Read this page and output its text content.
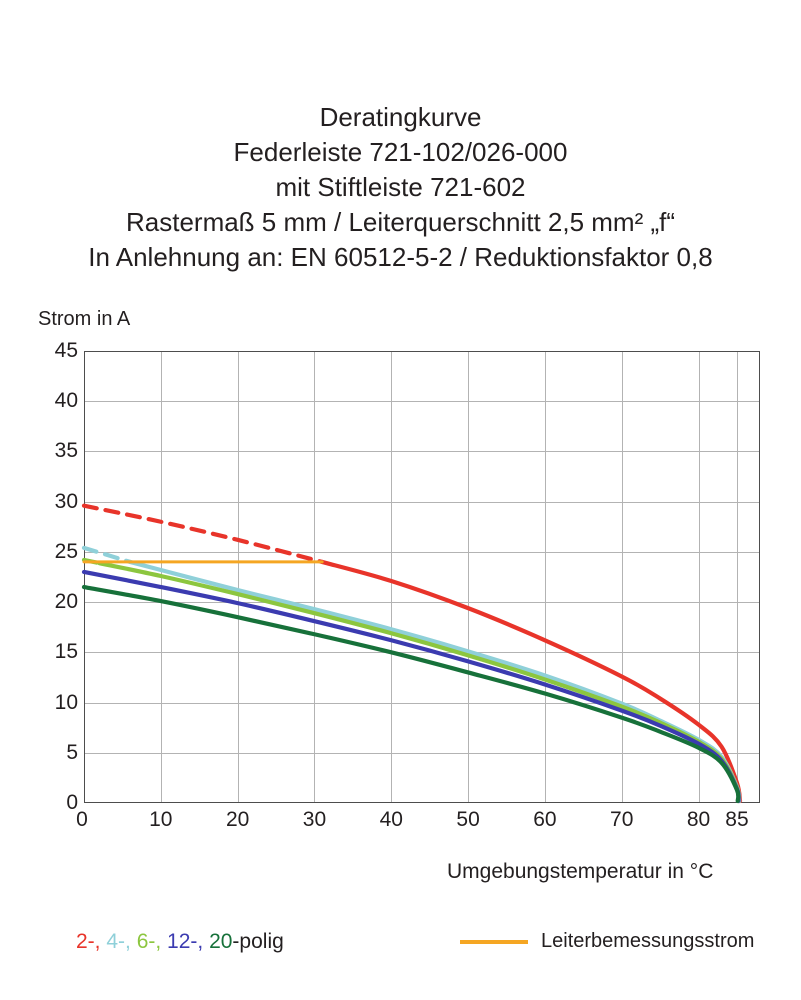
Deratingkurve
Federleiste 721-102/026-000
mit Stiftleiste 721-602
Rastermaß 5 mm / Leiterquerschnitt 2,5 mm² „f“
In Anlehnung an: EN 60512-5-2 / Reduktionsfaktor 0,8
Strom in A
Umgebungstemperatur in °C
0
5
10
15
20
25
30
35
40
45
10	20	30	40	50	60	70	80 85
0
2-, 4-, 6-, 12-, 20-polig	Leiterbemessungsstrom
